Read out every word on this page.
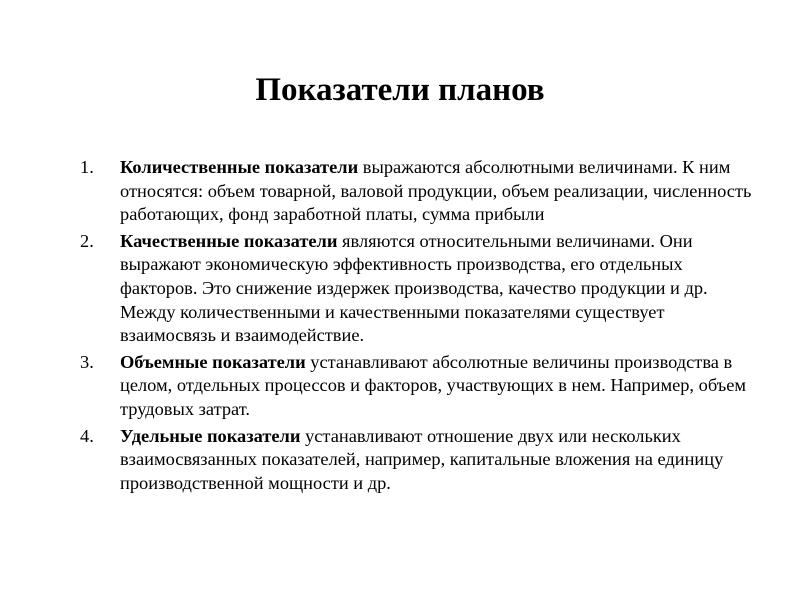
Показатели планов
1. Количественные показатели выражаются абсолютными величинами. К ним относятся: объем товарной, валовой продукции, объем реализации, численность работающих, фонд заработной платы, сумма прибыли
2. Качественные показатели являются относительными величинами. Они выражают экономическую эффективность производства, его отдельных факторов. Это снижение издержек производства, качество продукции и др. Между количественными и качественными показателями существует взаимосвязь и взаимодействие.
3. Объемные показатели устанавливают абсолютные величины производства в целом, отдельных процессов и факторов, участвующих в нем. Например, объем трудовых затрат.
4. Удельные показатели устанавливают отношение двух или нескольких взаимосвязанных показателей, например, капитальные вложения на единицу производственной мощности и др.
